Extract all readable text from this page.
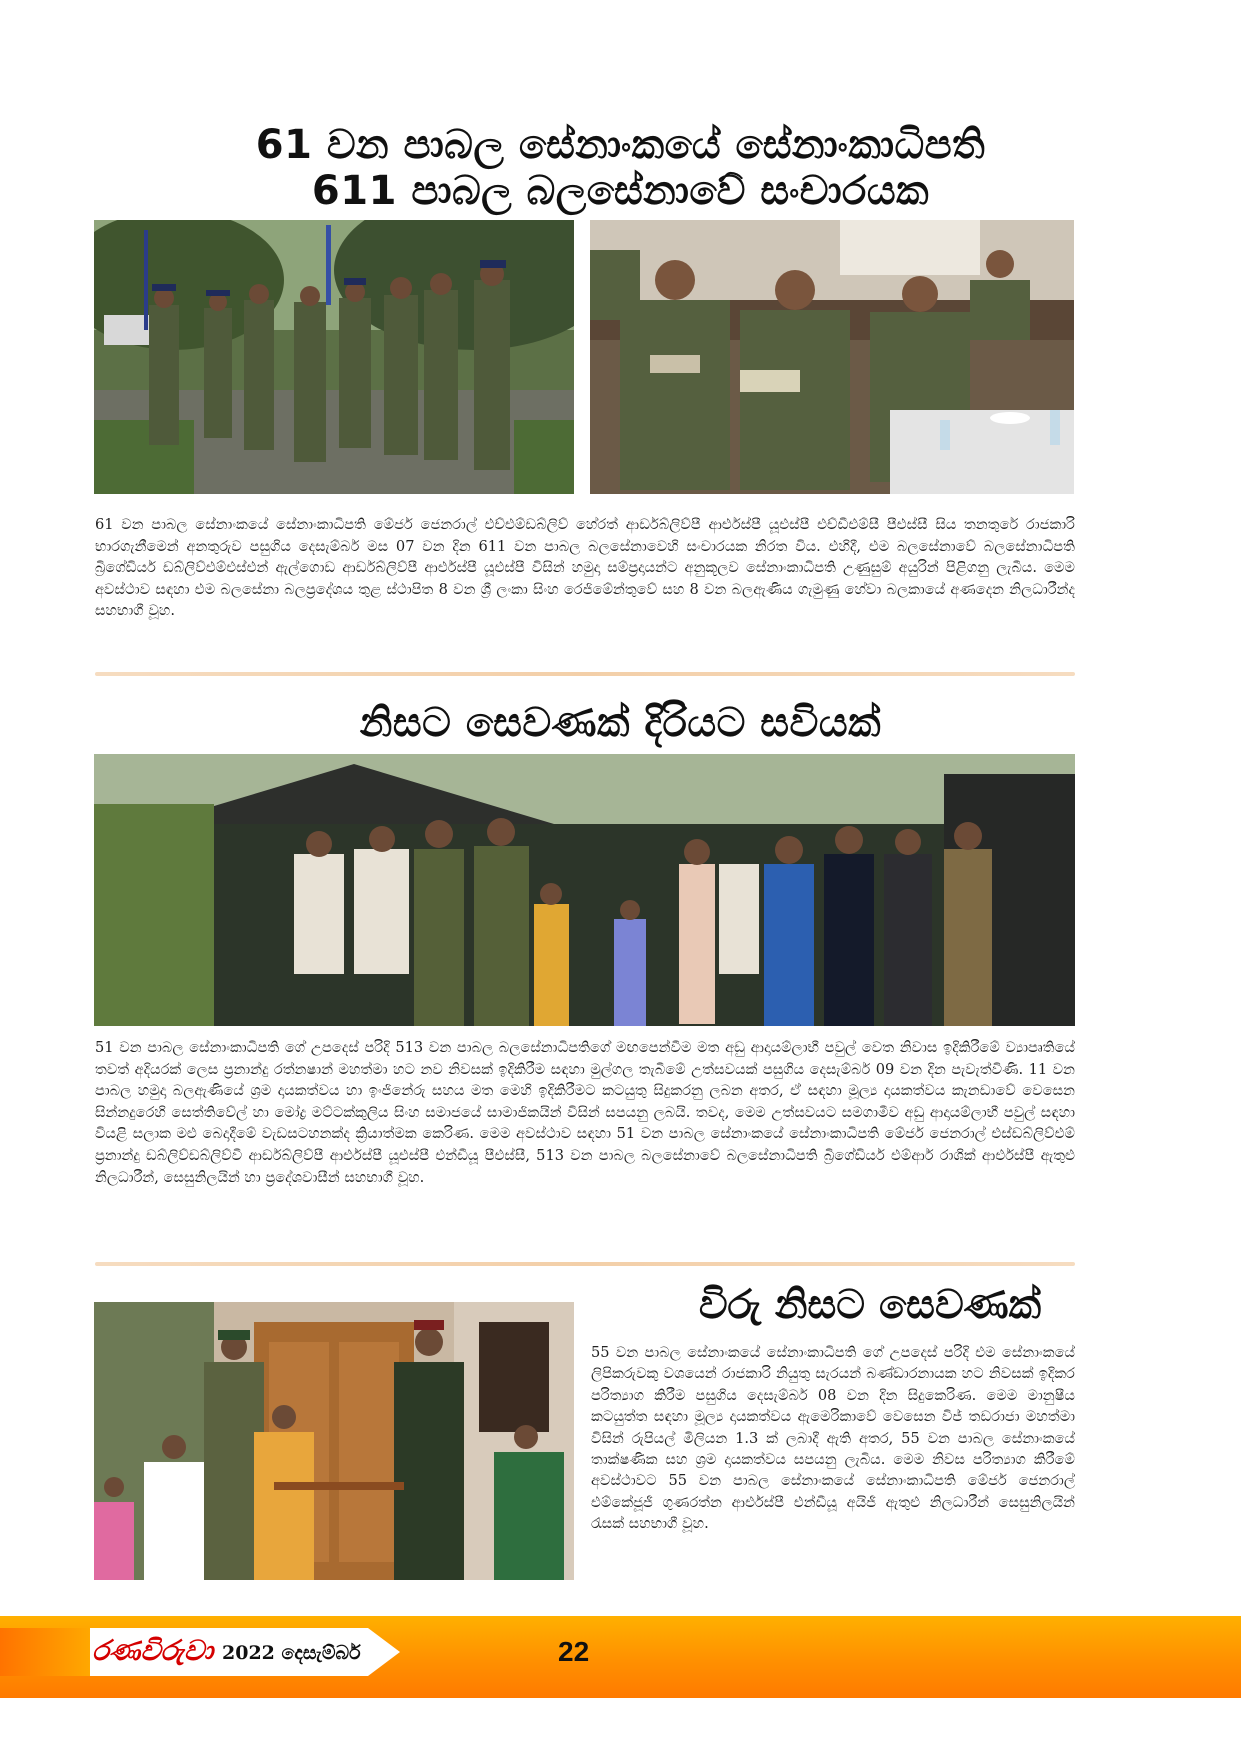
61 වන පාබල සේනාංකයේ සේනාංකාධිපති
611 පාබල බලසේනාවේ සංචාරයක

61 වන පාබල සේනාංකයේ සේනාංකාධිපති මේජර් ජෙනරාල් එච්එම්ඩබ්ලිව් හේරත් ආර්ඩබ්ලිව්පී ආර්එස්පී යූඑස්පී එච්ඩීඑම්සී පීඑස්සී සිය තනතුරේ රාජකාරි භාරගැනීමෙන් අනතුරුව පසුගිය දෙසැම්බර් මස 07 වන දින 611 වන පාබල බලසේනාවෙහි සංචාරයක නිරත විය. එහිදී, එම බලසේනාවේ බලසේනාධිපති බ්‍රිගේඩියර් ඩබ්ලිව්එම්එස්එන් ඇල්ගොඩ ආර්ඩබ්ලිව්පී ආර්එස්පී යූඑස්පී විසින් හමුදා සම්ප්‍රදායන්ට අනුකූලව සේනාංකාධිපති උණුසුම් අයුරින් පිළිගනු ලැබීය. මෙම අවස්ථාව සඳහා එම බලසේනා බලප්‍රදේශය තුළ ස්ථාපිත 8 වන ශ්‍රී ලංකා සිංහ රෙජිමේන්තුවේ සහ 8 වන බලඇණිය ගැමුණු හේවා බලකායේ අණදෙන නිලධාරීන්ද සහභාගී වූහ.

නිසට සෙවණක් දිරියට සවියක්

51 වන පාබල සේනාංකාධිපති ගේ උපදෙස් පරිදි 513 වන පාබල බලසේනාධිපතිගේ මඟපෙන්වීම මත අඩු ආදායම්ලාභී පවුල් වෙත නිවාස ඉදිකිරීමේ ව්‍යාපෘතියේ තවත් අදියරක් ලෙස ප්‍රනාන්දු රත්නෂාන් මහත්මා හට නව නිවසක් ඉදිකිරීම සඳහා මුල්ගල තැබීමේ උත්සවයක් පසුගිය දෙසැම්බර් 09 වන දින පැවැත්විණි. 11 වන පාබල හමුදා බලඇණියේ ශ්‍රම දායකත්වය හා ඉංජිනේරු සහය මත මෙහි ඉදිකිරීමට කටයුතු සිදුකරනු ලබන අතර, ඒ සඳහා මූල්‍ය දායකත්වය කැනඩාවේ වෙසෙන සින්නදුරෙහි සෙත්තිවේල් හා මෝද්‍ර මට්ටක්කුලිය සිංහ සමාජයේ සාමාජිකයින් විසින් සපයනු ලබයි. තවද, මෙම උත්සවයට සමගාමීව අඩු ආදායම්ලාභී පවුල් සඳහා වියළි සලාක මළු බෙදාදීමේ වැඩසටහනක්ද ක්‍රියාත්මක කෙරිණ. මෙම අවස්ථාව සඳහා 51 වන පාබල සේනාංකයේ සේනාංකාධිපති මේජර් ජෙනරාල් එස්ඩබ්ලිව්එම් ප්‍රනාන්දු ඩබ්ලිව්ඩබ්ලිව්වී ආර්ඩබ්ලිව්පී ආර්එස්පී යූඑස්පී එන්ඩීයූ පීඑස්සී, 513 වන පාබල බලසේනාවේ බලසේනාධිපති බ්‍රිගේඩියර් එම්ආර් රාශික් ආර්එස්පී ඇතුළු නිලධාරීන්, සෙසුනිලයින් හා ප්‍රදේශවාසීන් සහභාගී වූහ.

විරු නිසට සෙවණක්

55 වන පාබල සේනාංකයේ සේනාංකාධිපති ගේ උපදෙස් පරිදි එම සේනාංකයේ ලිපිකරුවකු වශයෙන් රාජකාරි නියුතු සැරයන් බණ්ඩාරනායක හට නිවසක් ඉදිකර පරිත්‍යාග කිරීම පසුගිය දෙසැම්බර් 08 වන දින සිදුකෙරිණ. මෙම මානුෂීය කටයුත්ත සඳහා මූල්‍ය දායකත්වය ඇමෙරිකාවේ වෙසෙන විජ් තඩරාජා මහත්මා විසින් රුපියල් මිලියන 1.3 ක් ලබාදී ඇති අතර, 55 වන පාබල සේනාංකයේ තාක්ෂණික සහ ශ්‍රම දායකත්වය සපයනු ලැබිය. මෙම නිවස පරිත්‍යාග කිරීමේ අවස්ථාවට 55 වන පාබල සේනාංකයේ සේනාංකාධිපති මේජර් ජෙනරාල් එම්කේජූජී ගුණරත්න ආර්එස්පී එන්ඩීයූ අයිජී ඇතුළු නිලධාරීන් සෙසුනිලයින් රැසක් සහභාගී වූහ.

රණවිරුවා 2022 දෙසැම්බර්	22
